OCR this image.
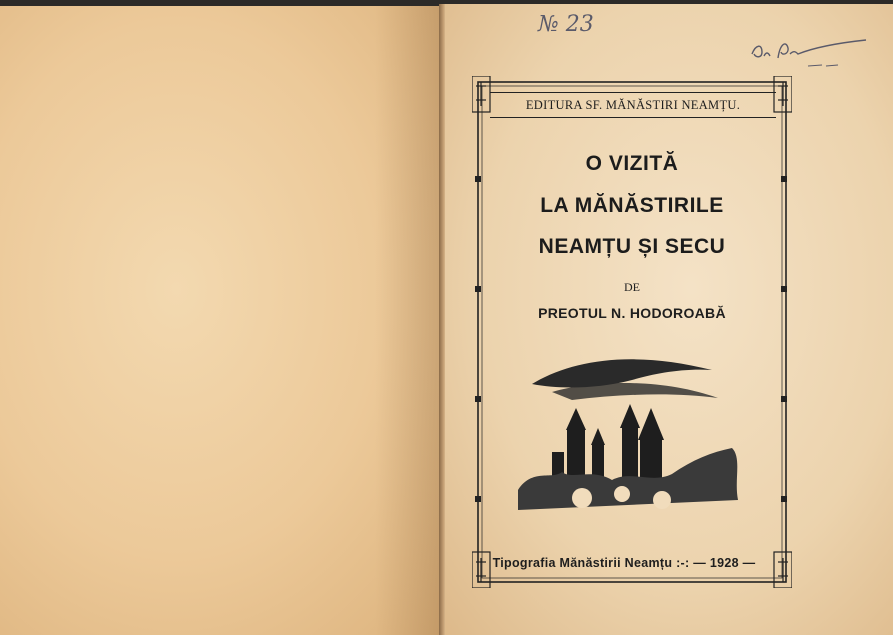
№ 23
EDITURA SF. MĂNĂSTIRI NEAMȚU.
O VIZITĂ
LA MĂNĂSTIRILE
NEAMȚU ȘI SECU
DE
PREOTUL N. HODOROABĂ
Tipografia Mănăstirii Neamțu :-: — 1928 —
